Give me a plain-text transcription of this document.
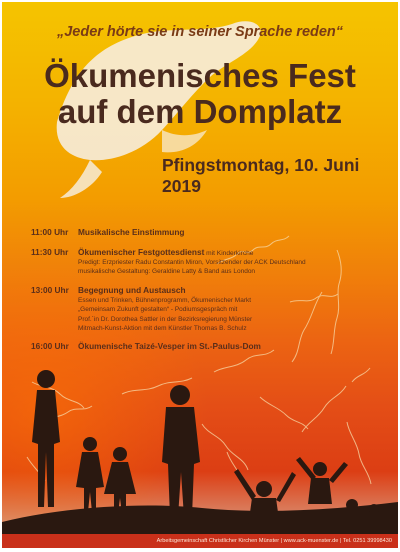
„Jeder hörte sie in seiner Sprache reden“
Ökumenisches Fest
auf dem Domplatz
Pfingstmontag, 10. Juni 2019
11:00 Uhr Musikalische Einstimmung
11:30 Uhr Ökumenischer Festgottesdienst mit Kinderkirche
Predigt: Erzpriester Radu Constantin Miron, Vorsitzender der ACK Deutschland
musikalische Gestaltung: Geraldine Latty & Band aus London
13:00 Uhr Begegnung und Austausch
Essen und Trinken, Bühnenprogramm, Ökumenischer Markt
„Gemeinsam Zukunft gestalten“ - Podiumsgespräch mit
Prof.´in Dr. Dorothea Sattler in der Bezirksregierung Münster
Mitmach-Kunst-Aktion mit dem Künstler Thomas B. Schulz
16:00 Uhr Ökumenische Taizé-Vesper im St.-Paulus-Dom
Arbeitsgemeinschaft Christlicher Kirchen Münster | www.ack-muenster.de | Tel. 0251 39998430
